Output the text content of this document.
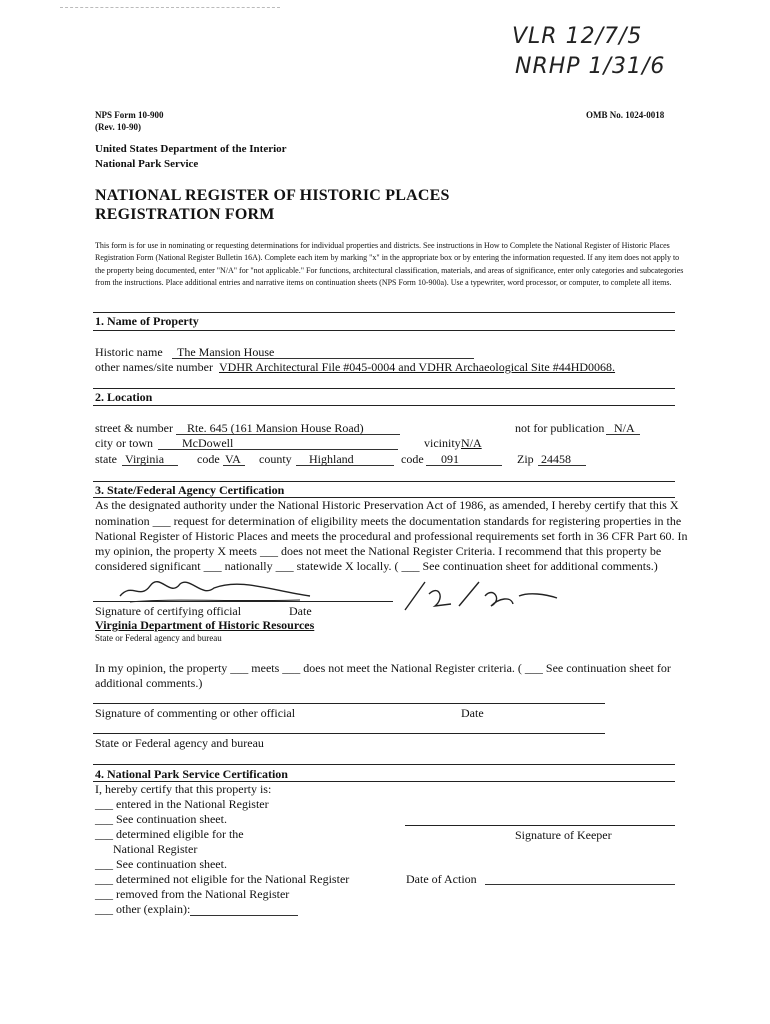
VLR 12/7/5
NRHP 1/31/6
NPS Form 10-900
(Rev. 10-90)
OMB No. 1024-0018
United States Department of the Interior
National Park Service
NATIONAL REGISTER OF HISTORIC PLACES
REGISTRATION FORM
This form is for use in nominating or requesting determinations for individual properties and districts. See instructions in How to Complete the National Register of Historic Places Registration Form (National Register Bulletin 16A). Complete each item by marking "x" in the appropriate box or by entering the information requested. If any item does not apply to the property being documented, enter "N/A" for "not applicable." For functions, architectural classification, materials, and areas of significance, enter only categories and subcategories from the instructions. Place additional entries and narrative items on continuation sheets (NPS Form 10-900a). Use a typewriter, word processor, or computer, to complete all items.
1. Name of Property
Historic name The Mansion House
other names/site number VDHR Architectural File #045-0004 and VDHR Archaeological Site #44HD0068.
2. Location
street & number Rte. 645 (161 Mansion House Road)	not for publication N/A
city or town McDowell	vicinity N/A
state Virginia	code VA county Highland	code 091	Zip 24458
3. State/Federal Agency Certification
As the designated authority under the National Historic Preservation Act of 1986, as amended, I hereby certify that this X
nomination ___ request for determination of eligibility meets the documentation standards for registering properties in the
National Register of Historic Places and meets the procedural and professional requirements set forth in 36 CFR Part 60. In
my opinion, the property X meets ___ does not meet the National Register Criteria. I recommend that this property be
considered significant ___ nationally ___ statewide X locally. ( ___ See continuation sheet for additional comments.)
Signature of certifying official	Date
Virginia Department of Historic Resources
State or Federal agency and bureau
In my opinion, the property ___ meets ___ does not meet the National Register criteria. ( ___ See continuation sheet for
additional comments.)
Signature of commenting or other official	Date
State or Federal agency and bureau
4. National Park Service Certification
I, hereby certify that this property is:
___ entered in the National Register
___ See continuation sheet.
___ determined eligible for the
National Register
___ See continuation sheet.
___ determined not eligible for the National Register
___ removed from the National Register
___ other (explain):
Signature of Keeper
Date of Action
